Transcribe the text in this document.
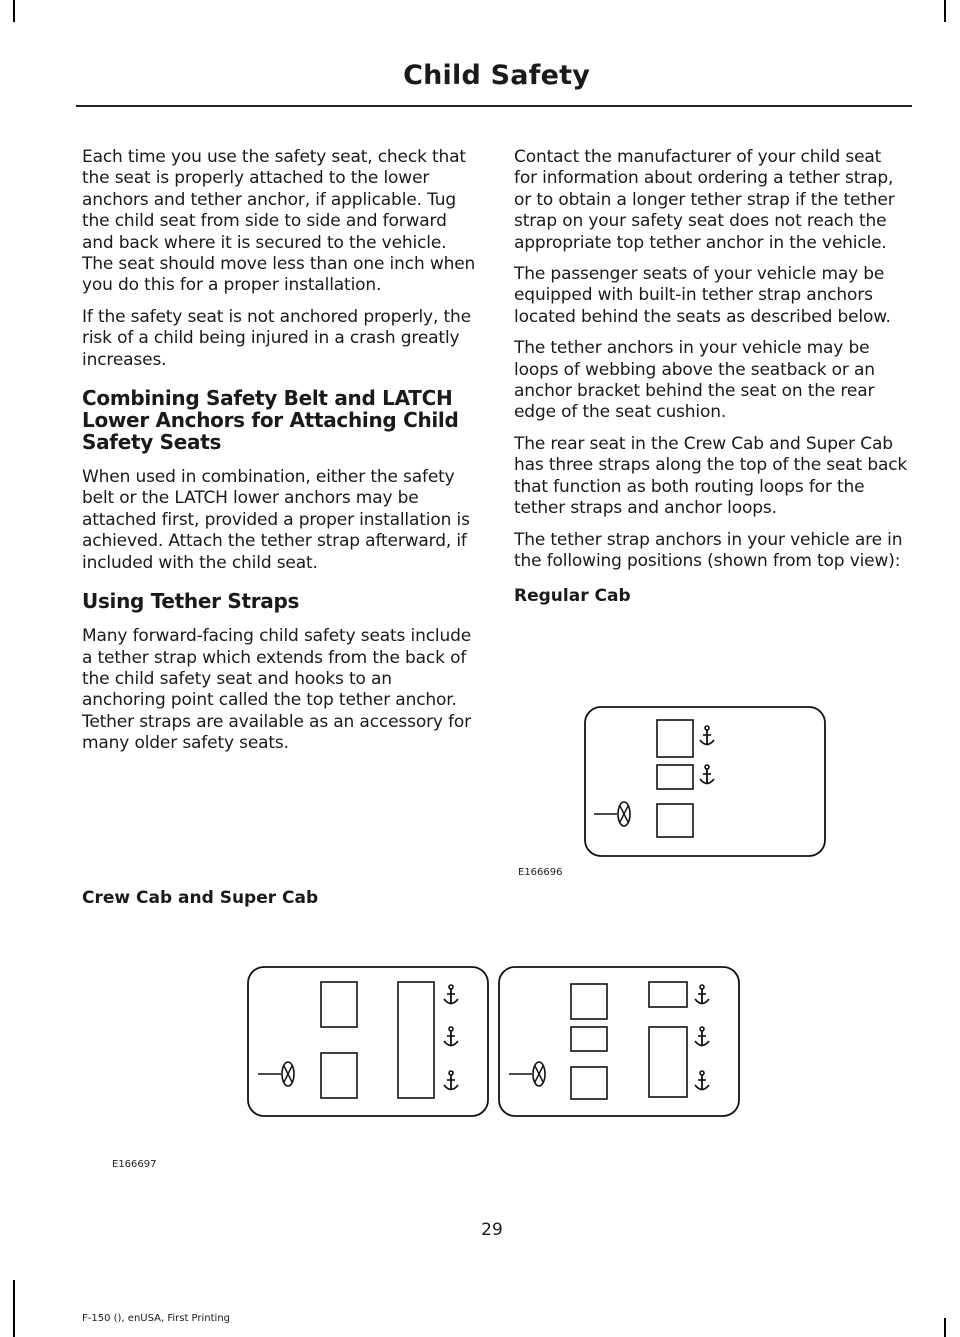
Child Safety

Each time you use the safety seat, check that the seat is properly attached to the lower anchors and tether anchor, if applicable. Tug the child seat from side to side and forward and back where it is secured to the vehicle. The seat should move less than one inch when you do this for a proper installation.

If the safety seat is not anchored properly, the risk of a child being injured in a crash greatly increases.

Combining Safety Belt and LATCH Lower Anchors for Attaching Child Safety Seats

When used in combination, either the safety belt or the LATCH lower anchors may be attached first, provided a proper installation is achieved. Attach the tether strap afterward, if included with the child seat.

Using Tether Straps

Many forward-facing child safety seats include a tether strap which extends from the back of the child safety seat and hooks to an anchoring point called the top tether anchor. Tether straps are available as an accessory for many older safety seats.

Contact the manufacturer of your child seat for information about ordering a tether strap, or to obtain a longer tether strap if the tether strap on your safety seat does not reach the appropriate top tether anchor in the vehicle.

The passenger seats of your vehicle may be equipped with built-in tether strap anchors located behind the seats as described below.

The tether anchors in your vehicle may be loops of webbing above the seatback or an anchor bracket behind the seat on the rear edge of the seat cushion.

The rear seat in the Crew Cab and Super Cab has three straps along the top of the seat back that function as both routing loops for the tether straps and anchor loops.

The tether strap anchors in your vehicle are in the following positions (shown from top view):

Regular Cab
E166696
Crew Cab and Super Cab
E166697
29
F-150 (), enUSA, First Printing
